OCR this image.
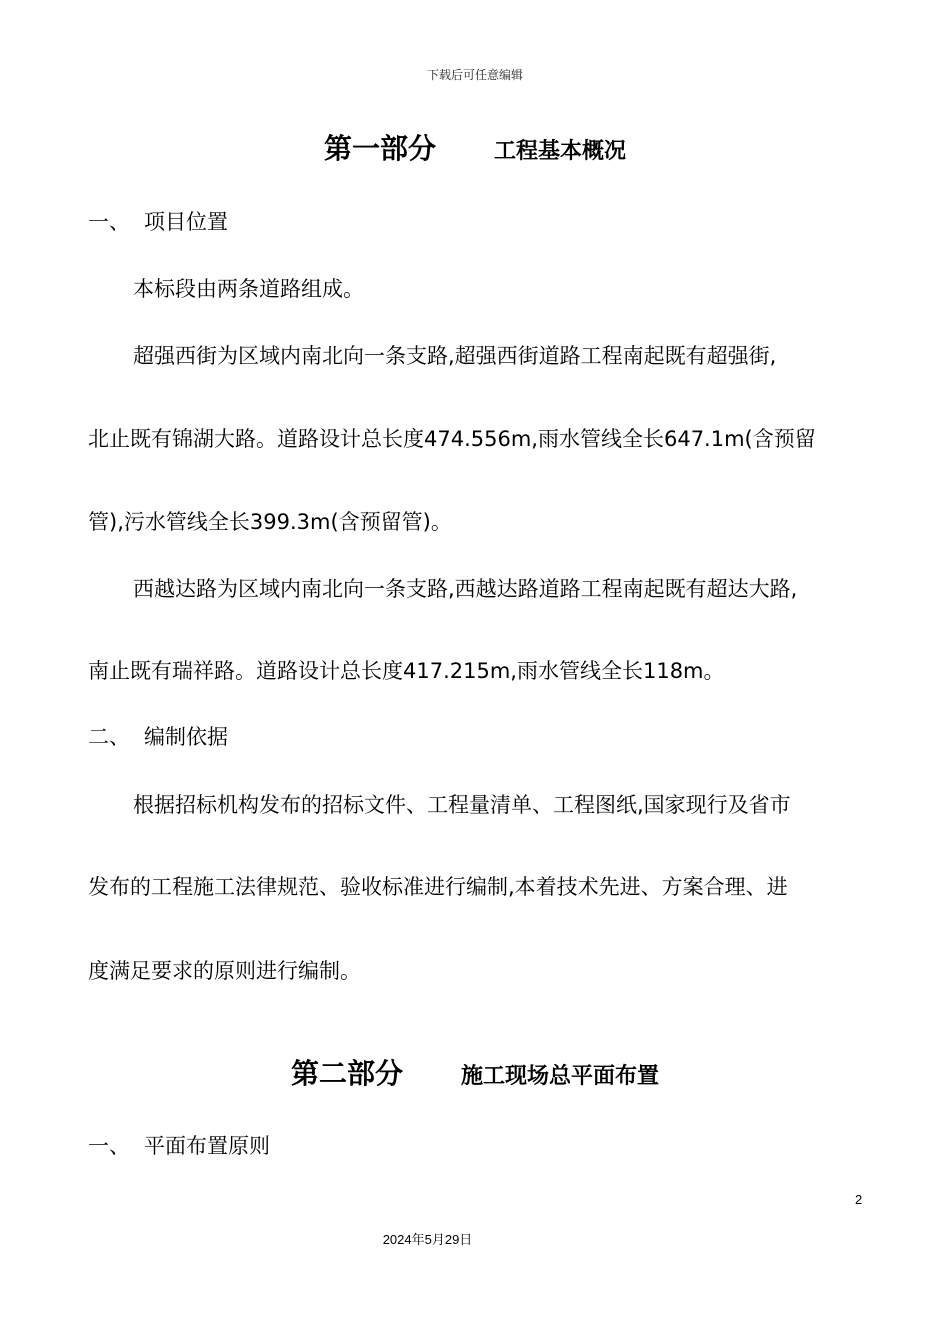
下载后可任意编辑
第一部分	工程基本概况
一、 项目位置
本标段由两条道路组成。
超强西街为区域内南北向一条支路,超强西街道路工程南起既有超强街,
北止既有锦湖大路。道路设计总长度474.556m,雨水管线全长647.1m(含预留
管),污水管线全长399.3m(含预留管)。
西越达路为区域内南北向一条支路,西越达路道路工程南起既有超达大路,
南止既有瑞祥路。道路设计总长度417.215m,雨水管线全长118m。
二、 编制依据
根据招标机构发布的招标文件、工程量清单、工程图纸,国家现行及省市
发布的工程施工法律规范、验收标准进行编制,本着技术先进、方案合理、进
度满足要求的原则进行编制。
第二部分	施工现场总平面布置
一、 平面布置原则
2
2024年5月29日
